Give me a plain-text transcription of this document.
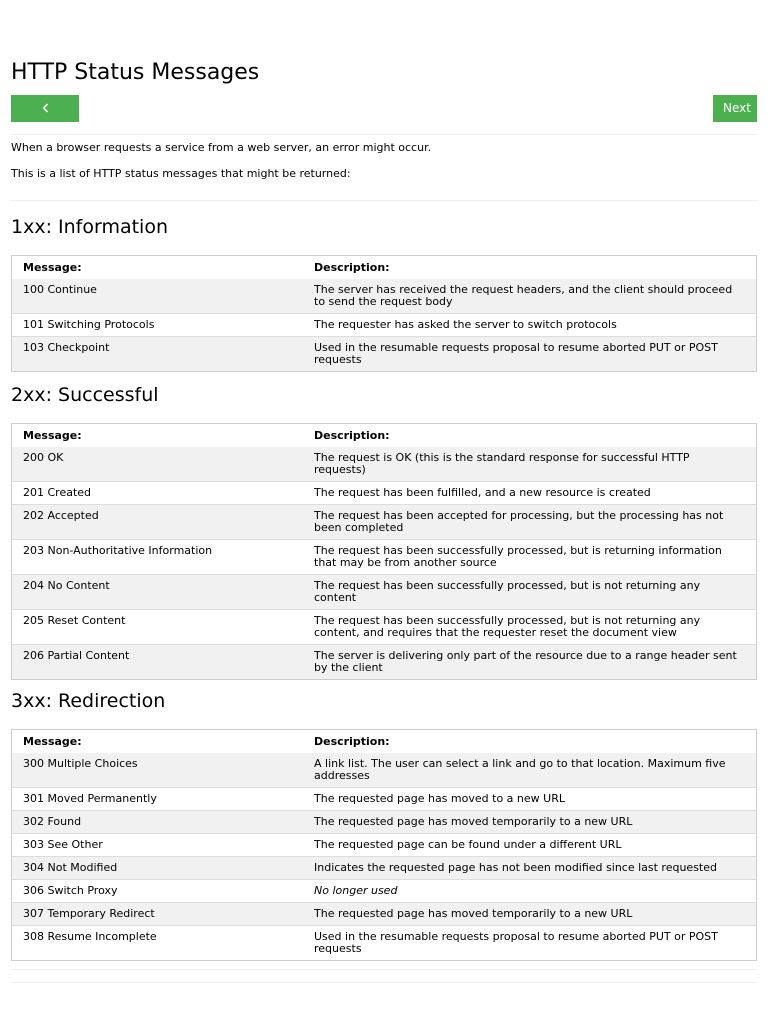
HTTP Status Messages
Previous
Next

When a browser requests a service from a web server, an error might occur.

This is a list of HTTP status messages that might be returned:

1xx: Information
Message:	Description:
100 Continue	The server has received the request headers, and the client should proceed to send the request body
101 Switching Protocols	The requester has asked the server to switch protocols
103 Checkpoint	Used in the resumable requests proposal to resume aborted PUT or POST requests
2xx: Successful
Message:	Description:
200 OK	The request is OK (this is the standard response for successful HTTP requests)
201 Created	The request has been fulfilled, and a new resource is created
202 Accepted	The request has been accepted for processing, but the processing has not been completed
203 Non-Authoritative Information	The request has been successfully processed, but is returning information that may be from another source
204 No Content	The request has been successfully processed, but is not returning any content
205 Reset Content	The request has been successfully processed, but is not returning any content, and requires that the requester reset the document view
206 Partial Content	The server is delivering only part of the resource due to a range header sent by the client
3xx: Redirection
Message:	Description:
300 Multiple Choices	A link list. The user can select a link and go to that location. Maximum five addresses
301 Moved Permanently	The requested page has moved to a new URL
302 Found	The requested page has moved temporarily to a new URL
303 See Other	The requested page can be found under a different URL
304 Not Modified	Indicates the requested page has not been modified since last requested
306 Switch Proxy	No longer used
307 Temporary Redirect	The requested page has moved temporarily to a new URL
308 Resume Incomplete	Used in the resumable requests proposal to resume aborted PUT or POST requests
